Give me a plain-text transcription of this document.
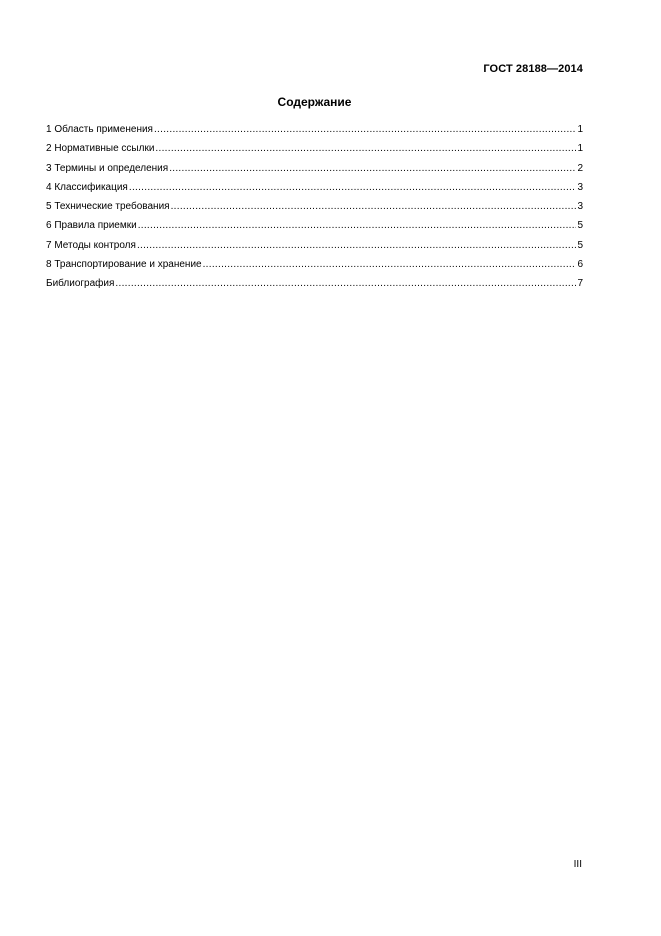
ГОСТ 28188—2014
Содержание
1 Область применения .....	1
2 Нормативные ссылки .....	1
3 Термины и определения .....	2
4 Классификация .....	3
5 Технические требования .....	3
6 Правила приемки .....	5
7 Методы контроля .....	5
8 Транспортирование и хранение .....	6
Библиография .....	7
III
